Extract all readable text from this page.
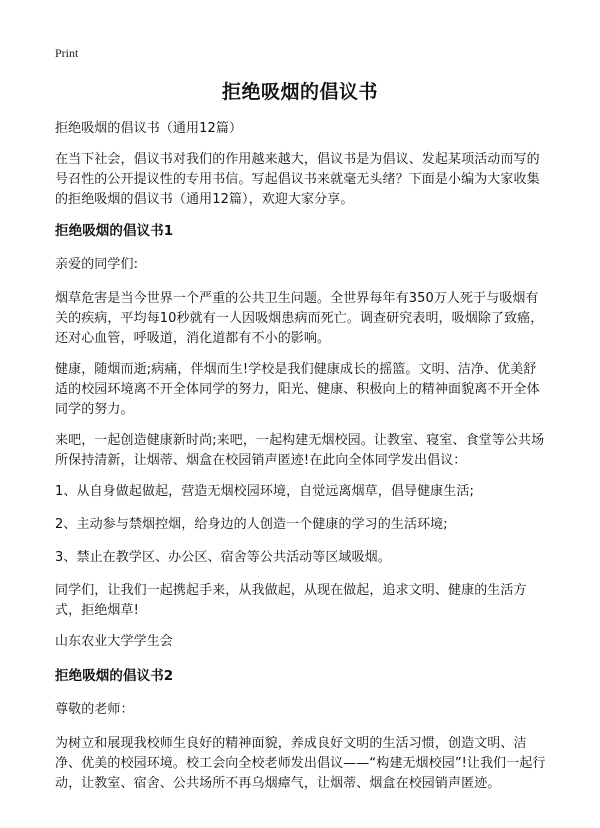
Print
拒绝吸烟的倡议书

拒绝吸烟的倡议书（通用12篇）

在当下社会，倡议书对我们的作用越来越大，倡议书是为倡议、发起某项活动而写的号召性的公开提议性的专用书信。写起倡议书来就毫无头绪？下面是小编为大家收集的拒绝吸烟的倡议书（通用12篇），欢迎大家分享。

拒绝吸烟的倡议书1

亲爱的同学们:

烟草危害是当今世界一个严重的公共卫生问题。全世界每年有350万人死于与吸烟有关的疾病，平均每10秒就有一人因吸烟患病而死亡。调查研究表明，吸烟除了致癌，还对心血管，呼吸道，消化道都有不小的影响。

健康，随烟而逝;病痛，伴烟而生!学校是我们健康成长的摇篮。文明、洁净、优美舒适的校园环境离不开全体同学的努力，阳光、健康、积极向上的精神面貌离不开全体同学的努力。

来吧，一起创造健康新时尚;来吧，一起构建无烟校园。让教室、寝室、食堂等公共场所保持清新，让烟蒂、烟盒在校园销声匿迹!在此向全体同学发出倡议：

1、从自身做起做起，营造无烟校园环境，自觉远离烟草，倡导健康生活;

2、主动参与禁烟控烟，给身边的人创造一个健康的学习的生活环境;

3、禁止在教学区、办公区、宿舍等公共活动等区域吸烟。

同学们，让我们一起携起手来，从我做起，从现在做起，追求文明、健康的生活方式，拒绝烟草!

山东农业大学学生会

拒绝吸烟的倡议书2

尊敬的老师：

为树立和展现我校师生良好的精神面貌，养成良好文明的生活习惯，创造文明、洁净、优美的校园环境。校工会向全校老师发出倡议——“构建无烟校园”!让我们一起行动，让教室、宿舍、公共场所不再乌烟瘴气，让烟蒂、烟盒在校园销声匿迹。
